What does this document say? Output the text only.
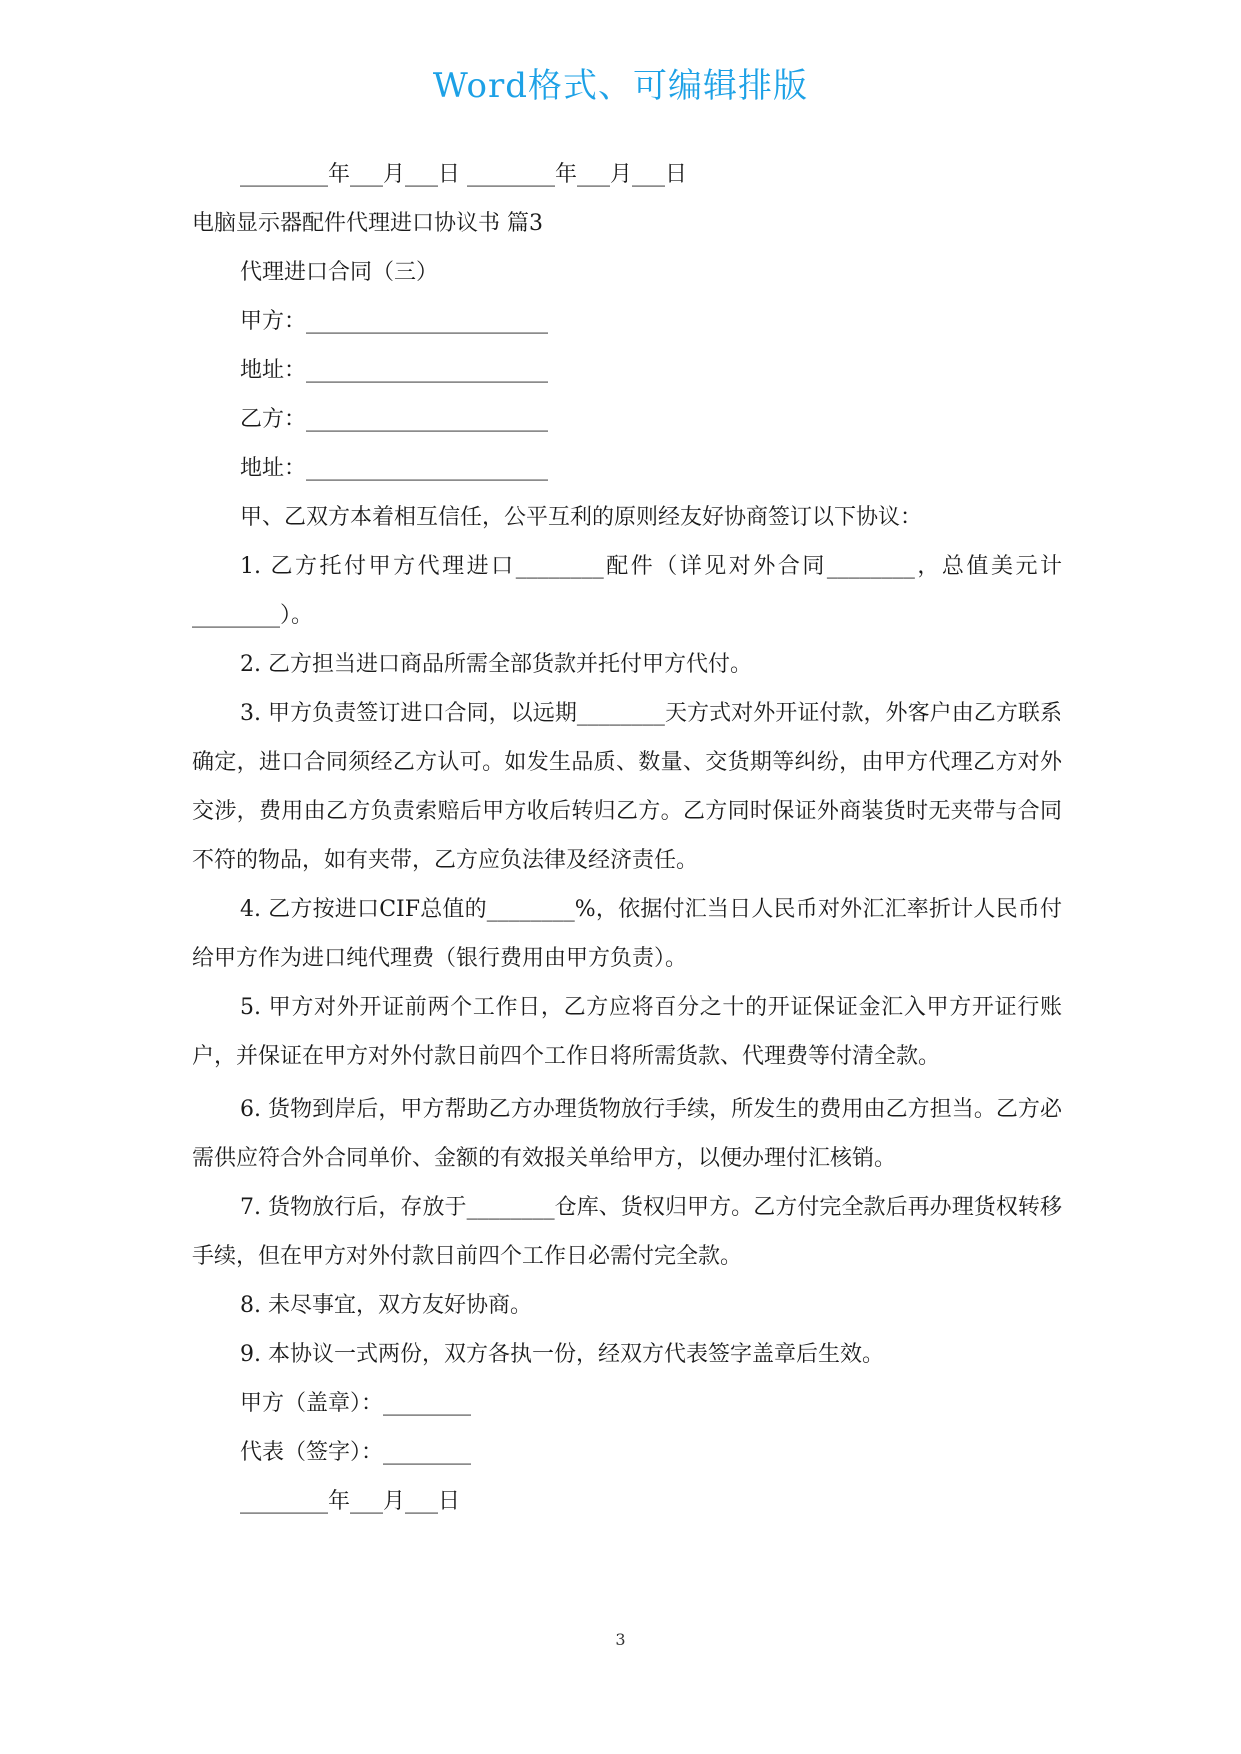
Word格式、可编辑排版
________年___月___日 ________年___月___日
电脑显示器配件代理进口协议书 篇3
代理进口合同（三）
甲方：______________________
地址：______________________
乙方：______________________
地址：______________________
甲、乙双方本着相互信任，公平互利的原则经友好协商签订以下协议：

1. 乙方托付甲方代理进口________配件（详见对外合同________，总值美元计________）。

2. 乙方担当进口商品所需全部货款并托付甲方代付。

3. 甲方负责签订进口合同，以远期________天方式对外开证付款，外客户由乙方联系确定，进口合同须经乙方认可。如发生品质、数量、交货期等纠纷，由甲方代理乙方对外交涉，费用由乙方负责索赔后甲方收后转归乙方。乙方同时保证外商装货时无夹带与合同不符的物品，如有夹带，乙方应负法律及经济责任。

4. 乙方按进口CIF总值的________%，依据付汇当日人民币对外汇汇率折计人民币付给甲方作为进口纯代理费（银行费用由甲方负责）。

5. 甲方对外开证前两个工作日，乙方应将百分之十的开证保证金汇入甲方开证行账户，并保证在甲方对外付款日前四个工作日将所需货款、代理费等付清全款。

6. 货物到岸后，甲方帮助乙方办理货物放行手续，所发生的费用由乙方担当。乙方必需供应符合外合同单价、金额的有效报关单给甲方，以便办理付汇核销。

7. 货物放行后，存放于________仓库、货权归甲方。乙方付完全款后再办理货权转移手续，但在甲方对外付款日前四个工作日必需付完全款。

8. 未尽事宜，双方友好协商。

9. 本协议一式两份，双方各执一份，经双方代表签字盖章后生效。

甲方（盖章）：________
代表（签字）：________
________年___月___日
3
